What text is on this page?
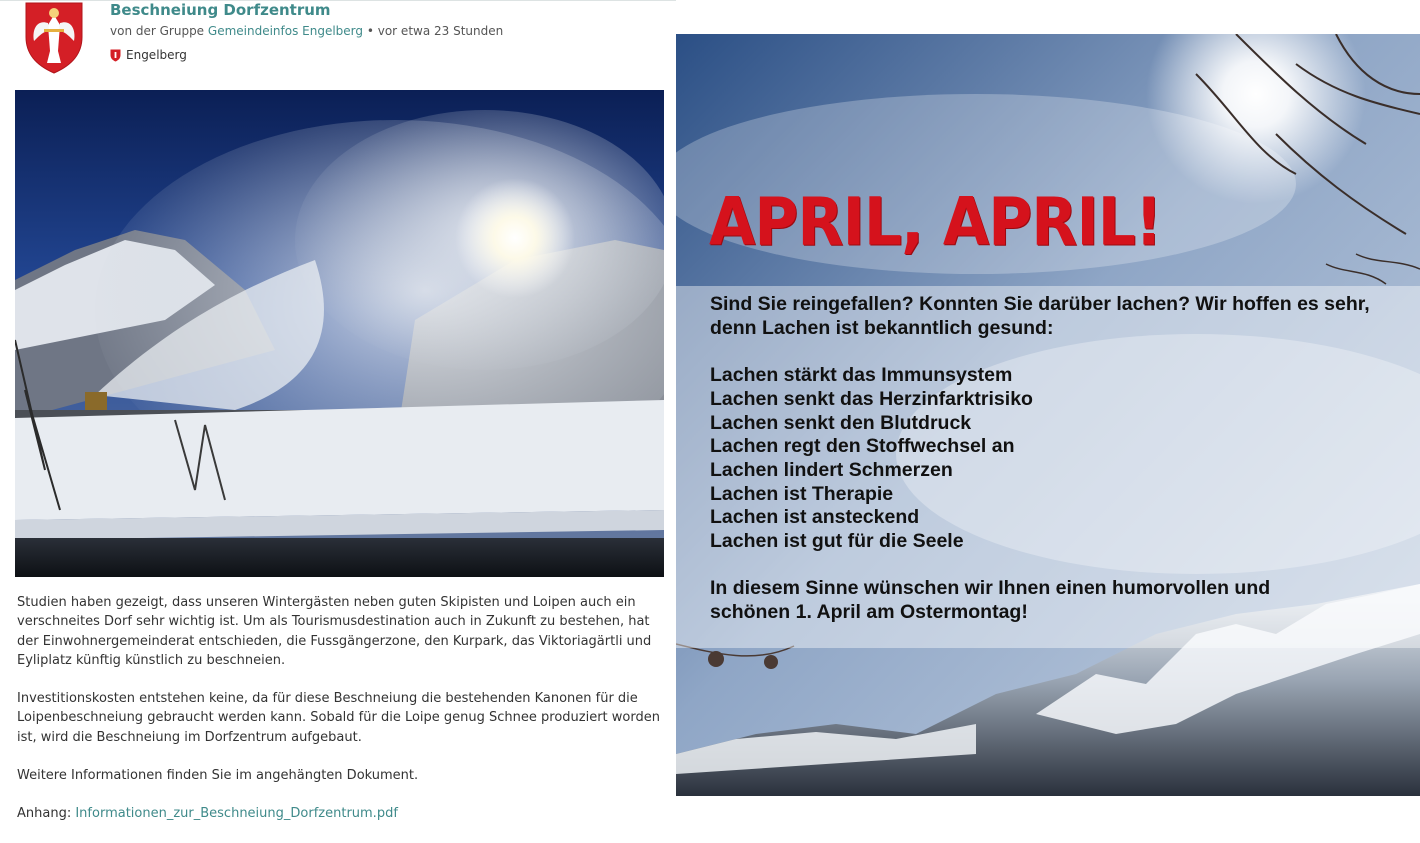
Beschneiung Dorfzentrum
von der Gruppe Gemeindeinfos Engelberg • vor etwa 23 Stunden
Engelberg

Studien haben gezeigt, dass unseren Wintergästen neben guten Skipisten und Loipen auch ein verschneites Dorf sehr wichtig ist. Um als Tourismusdestination auch in Zukunft zu bestehen, hat der Einwohnergemeinderat entschieden, die Fussgängerzone, den Kurpark, das Viktoriagärtli und Eyliplatz künftig künstlich zu beschneien.

Investitionskosten entstehen keine, da für diese Beschneiung die bestehenden Kanonen für die Loipenbeschneiung gebraucht werden kann. Sobald für die Loipe genug Schnee produziert worden ist, wird die Beschneiung im Dorfzentrum aufgebaut.

Weitere Informationen finden Sie im angehängten Dokument.

Anhang: Informationen_zur_Beschneiung_Dorfzentrum.pdf

APRIL, APRIL!
Sind Sie reingefallen? Konnten Sie darüber lachen? Wir hoffen es sehr,
denn Lachen ist bekanntlich gesund:
Lachen stärkt das Immunsystem
Lachen senkt das Herzinfarktrisiko
Lachen senkt den Blutdruck
Lachen regt den Stoffwechsel an
Lachen lindert Schmerzen
Lachen ist Therapie
Lachen ist ansteckend
Lachen ist gut für die Seele
In diesem Sinne wünschen wir Ihnen einen humorvollen und
schönen 1. April am Ostermontag!
